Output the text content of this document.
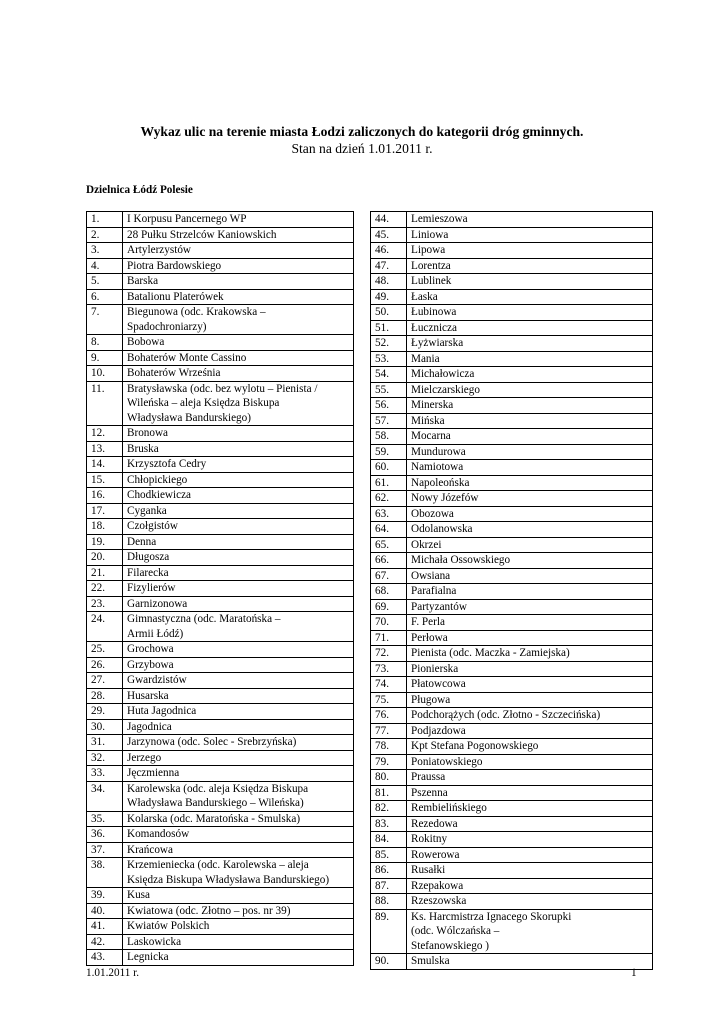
Wykaz ulic na terenie miasta Łodzi zaliczonych do kategorii dróg gminnych.
Stan na dzień 1.01.2011 r.
Dzielnica Łódź Polesie
1.	I Korpusu Pancernego WP

2.	28 Pułku Strzelców Kaniowskich

3.	Artylerzystów

4.	Piotra Bardowskiego

5.	Barska

6.	Batalionu Platerówek

7.	Biegunowa (odc. Krakowska –
Spadochroniarzy)

8.	Bobowa

9.	Bohaterów Monte Cassino

10.	Bohaterów Września

11.	Bratysławska (odc. bez wylotu – Pienista /
Wileńska – aleja Księdza Biskupa
Władysława Bandurskiego)

12.	Bronowa

13.	Bruska

14.	Krzysztofa Cedry

15.	Chłopickiego

16.	Chodkiewicza

17.	Cyganka

18.	Czołgistów

19.	Denna

20.	Długosza

21.	Filarecka

22.	Fizylierów

23.	Garnizonowa

24.	Gimnastyczna (odc. Maratońska –
Armii Łódź)

25.	Grochowa

26.	Grzybowa

27.	Gwardzistów

28.	Husarska

29.	Huta Jagodnica

30.	Jagodnica

31.	Jarzynowa (odc. Solec - Srebrzyńska)

32.	Jerzego

33.	Jęczmienna

34.	Karolewska (odc. aleja Księdza Biskupa
Władysława Bandurskiego – Wileńska)

35.	Kolarska (odc. Maratońska - Smulska)

36.	Komandosów

37.	Krańcowa

38.	Krzemieniecka (odc. Karolewska – aleja
Księdza Biskupa Władysława Bandurskiego)

39.	Kusa

40.	Kwiatowa (odc. Złotno – pos. nr 39)

41.	Kwiatów Polskich

42.	Laskowicka

43.	Legnicka
44.	Lemieszowa

45.	Liniowa

46.	Lipowa

47.	Lorentza

48.	Lublinek

49.	Łaska

50.	Łubinowa

51.	Łucznicza

52.	Łyżwiarska

53.	Mania

54.	Michałowicza

55.	Mielczarskiego

56.	Minerska

57.	Mińska

58.	Mocarna

59.	Mundurowa

60.	Namiotowa

61.	Napoleońska

62.	Nowy Józefów

63.	Obozowa

64.	Odolanowska

65.	Okrzei

66.	Michała Ossowskiego

67.	Owsiana

68.	Parafialna

69.	Partyzantów

70.	F. Perla

71.	Perłowa

72.	Pienista (odc. Maczka - Zamiejska)

73.	Pionierska

74.	Płatowcowa

75.	Pługowa

76.	Podchorążych (odc. Złotno - Szczecińska)

77.	Podjazdowa

78.	Kpt Stefana Pogonowskiego

79.	Poniatowskiego

80.	Praussa

81.	Pszenna

82.	Rembielińskiego

83.	Rezedowa

84.	Rokitny

85.	Rowerowa

86.	Rusałki

87.	Rzepakowa

88.	Rzeszowska

89.	Ks. Harcmistrza Ignacego Skorupki
(odc. Wólczańska –
Stefanowskiego )

90.	Smulska
1.01.2011 r.	1
